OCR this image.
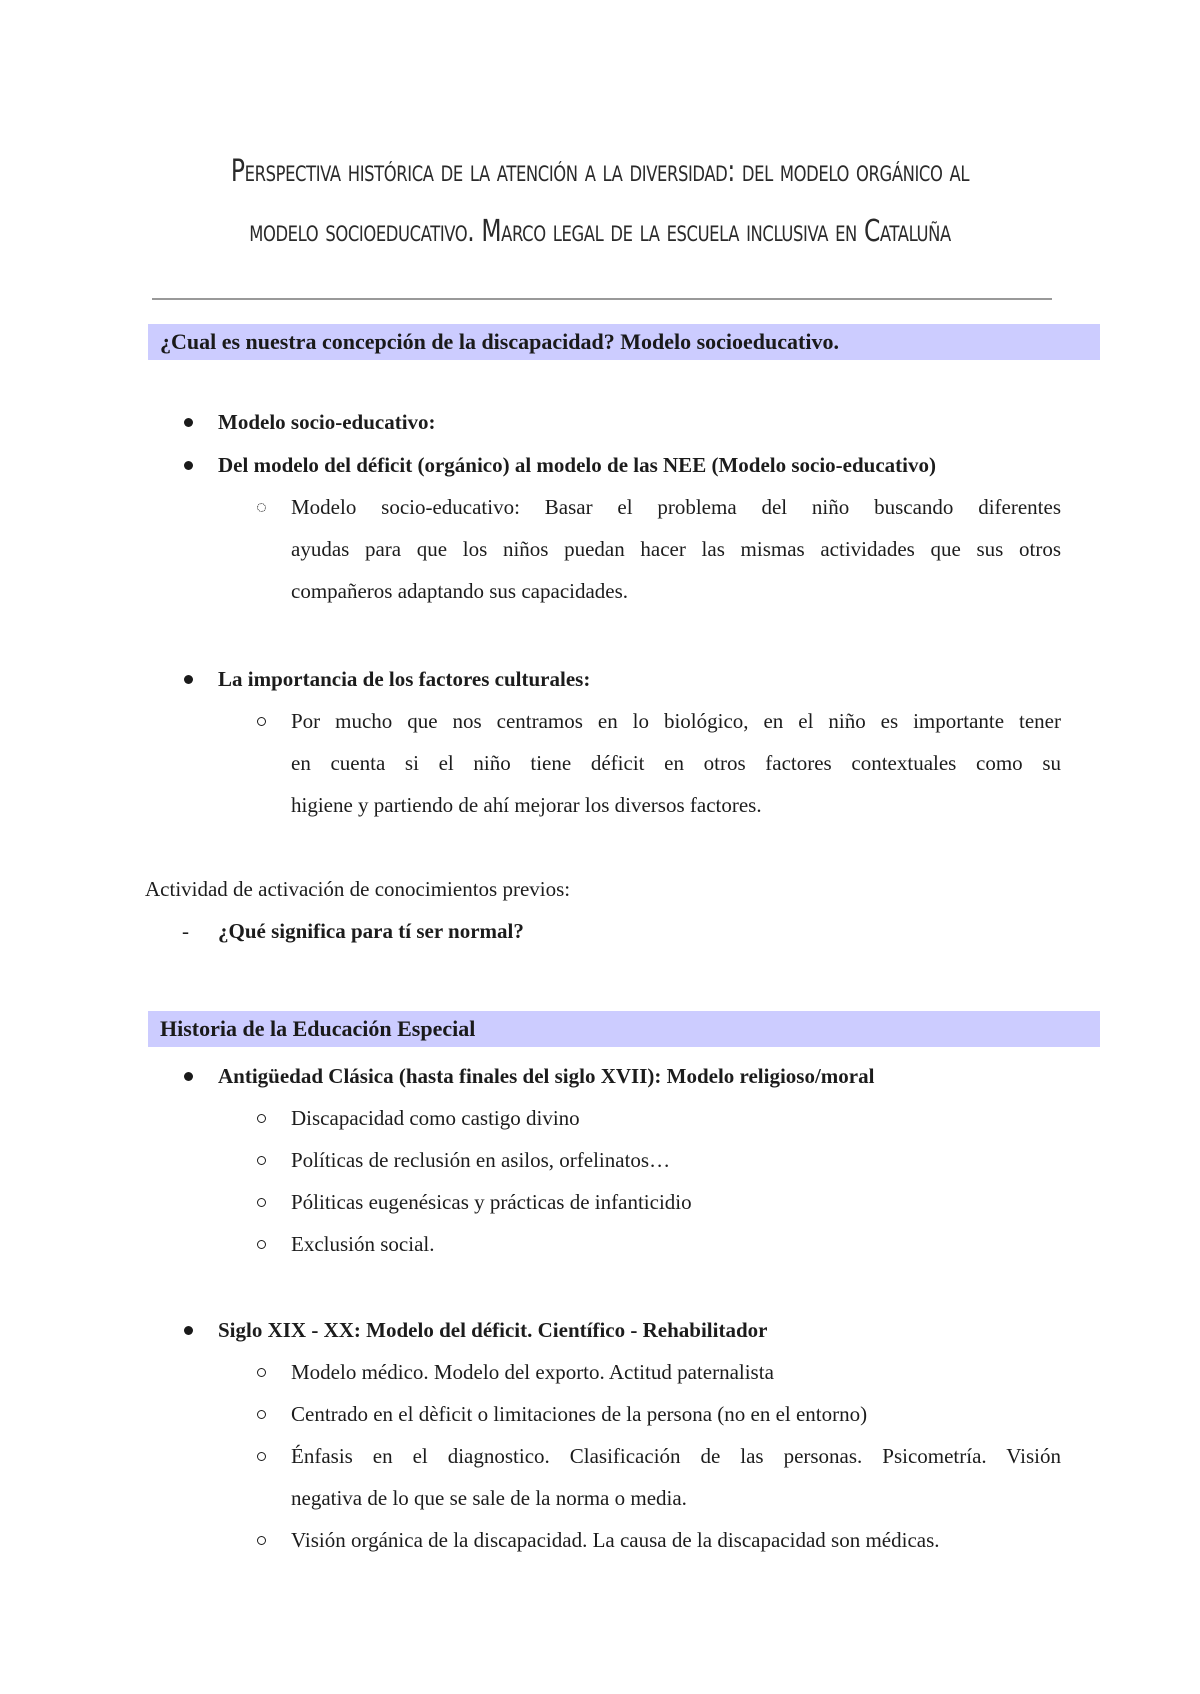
Perspectiva histórica de la atención a la diversidad: del modelo orgánico al
modelo socioeducativo. Marco legal de la escuela inclusiva en Cataluña
¿Cual es nuestra concepción de la discapacidad? Modelo socioeducativo.
Modelo socio-educativo:
Del modelo del déficit (orgánico) al modelo de las NEE (Modelo socio-educativo)
Modelo socio-educativo: Basar el problema del niño buscando diferentes
ayudas para que los niños puedan hacer las mismas actividades que sus otros
compañeros adaptando sus capacidades.
La importancia de los factores culturales:
Por mucho que nos centramos en lo biológico, en el niño es importante tener
en cuenta si el niño tiene déficit en otros factores contextuales como su
higiene y partiendo de ahí mejorar los diversos factores.
Actividad de activación de conocimientos previos:
- ¿Qué significa para tí ser normal?
Historia de la Educación Especial
Antigüedad Clásica (hasta finales del siglo XVII): Modelo religioso/moral
Discapacidad como castigo divino
Políticas de reclusión en asilos, orfelinatos…
Póliticas eugenésicas y prácticas de infanticidio
Exclusión social.
Siglo XIX - XX: Modelo del déficit. Científico - Rehabilitador
Modelo médico. Modelo del exporto. Actitud paternalista
Centrado en el dèficit o limitaciones de la persona (no en el entorno)
Énfasis en el diagnostico. Clasificación de las personas. Psicometría. Visión
negativa de lo que se sale de la norma o media.
Visión orgánica de la discapacidad. La causa de la discapacidad son médicas.
